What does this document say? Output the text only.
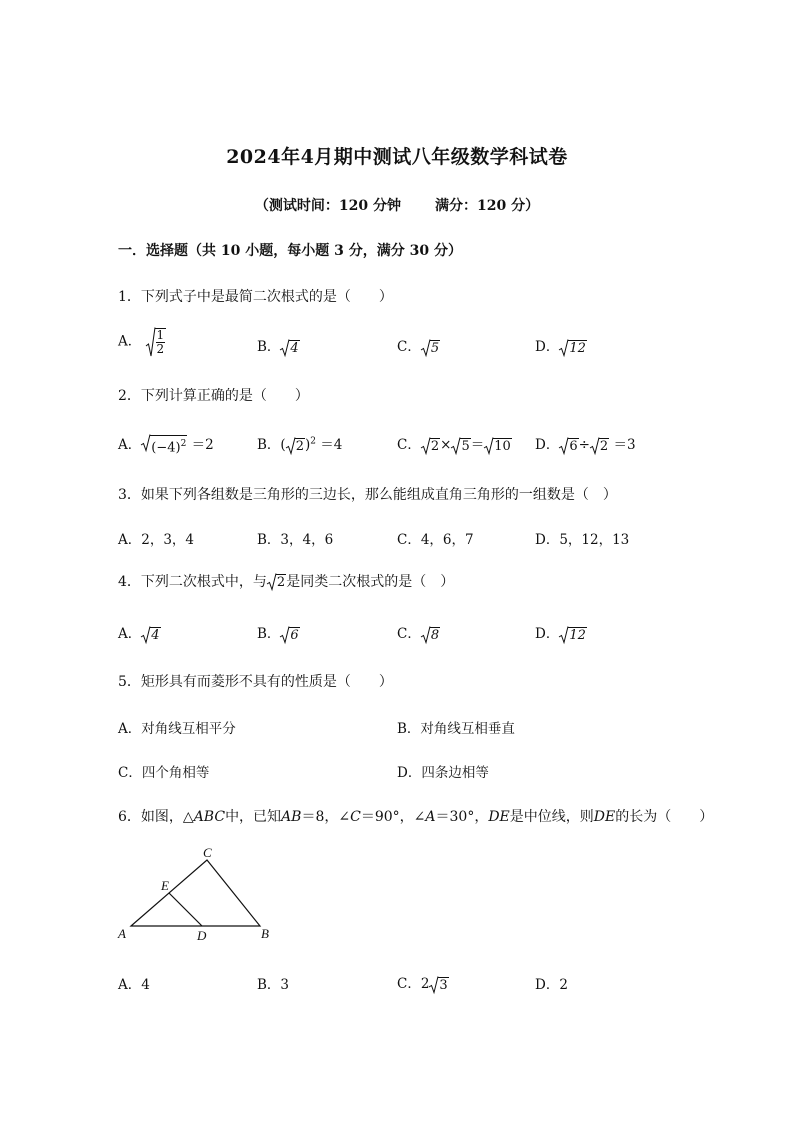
2024年4月期中测试八年级数学科试卷
（测试时间：120 分钟 满分：120 分）
一．选择题（共 10 小题，每小题 3 分，满分 30 分）
1．下列式子中是最简二次根式的是（　　）
A． $\frac{1}{2}$	B． 4	C． 5	D． 12
2．下列计算正确的是（　　）
A． $(-4)^2 =2$	B．( 2 )$^2$ ＝4	C． 2 × 5 ＝ 10 D． 6 ÷ 2 ＝3
3．如果下列各组数是三角形的三边长，那么能组成直角三角形的一组数是（　）
A．2，3，4	B．3，4，6	C．4，6，7	D．5，12，13
4．下列二次根式中，与 2 是同类二次根式的是（　）
A． 4	B． 6	C． 8	D． 12
5．矩形具有而菱形不具有的性质是（　　）
A．对角线互相平分	B．对角线互相垂直
C．四个角相等	D．四条边相等
6．如图，△ABC中，已知AB＝8，∠C＝90°，∠A＝30°，DE是中位线，则DE的长为（　　）
C
E
A	D	B
A．4	B．3	C．2 3	D．2
